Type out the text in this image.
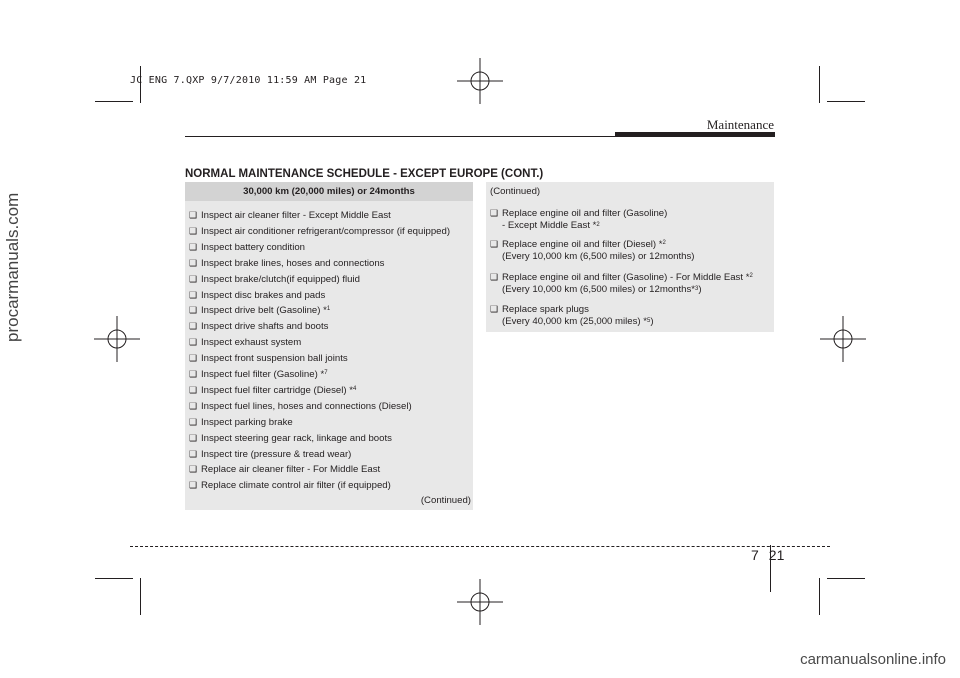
JC ENG 7.QXP 9/7/2010 11:59 AM Page 21
Maintenance
NORMAL MAINTENANCE SCHEDULE - EXCEPT EUROPE (CONT.)
30,000 km (20,000 miles) or 24months
❑ Inspect air cleaner filter - Except Middle East
❑ Inspect air conditioner refrigerant/compressor (if equipped)
❑ Inspect battery condition
❑ Inspect brake lines, hoses and connections
❑ Inspect brake/clutch(if equipped) fluid
❑ Inspect disc brakes and pads
❑ Inspect drive belt (Gasoline) *$^1$
❑ Inspect drive shafts and boots
❑ Inspect exhaust system
❑ Inspect front suspension ball joints
❑ Inspect fuel filter (Gasoline) *$^7$
❑ Inspect fuel filter cartridge (Diesel) *$^4$
❑ Inspect fuel lines, hoses and connections (Diesel)
❑ Inspect parking brake
❑ Inspect steering gear rack, linkage and boots
❑ Inspect tire (pressure & tread wear)
❑ Replace air cleaner filter - For Middle East
❑ Replace climate control air filter (if equipped)
(Continued)
(Continued)
❑ Replace engine oil and filter (Gasoline)
- Except Middle East *$^2$
❑ Replace engine oil and filter (Diesel) *$^2$
(Every 10,000 km (6,500 miles) or 12months)
❑ Replace engine oil and filter (Gasoline) - For Middle East *$^2$
(Every 10,000 km (6,500 miles) or 12months*$^3$)
❑ Replace spark plugs
(Every 40,000 km (25,000 miles) *$^5$)
7 21
procarmanuals.com
carmanualsonline.info
